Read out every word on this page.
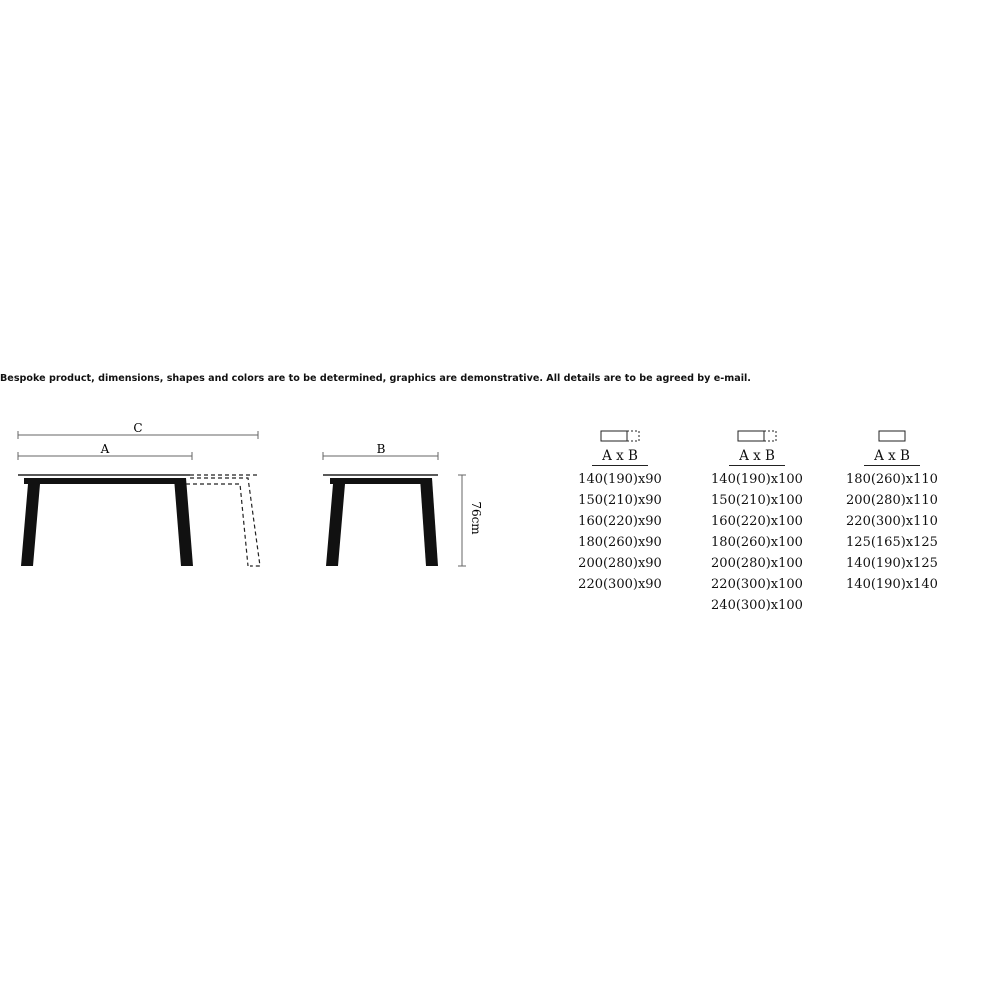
Bespoke product, dimensions, shapes and colors are to be determined, graphics are demonstrative. All details are to be agreed by e-mail.
C
A	B
76cm
A x B
140(190)x90
150(210)x90
160(220)x90
180(260)x90
200(280)x90
220(300)x90
A x B
140(190)x100
150(210)x100
160(220)x100
180(260)x100
200(280)x100
220(300)x100
240(300)x100
A x B
180(260)x110
200(280)x110
220(300)x110
125(165)x125
140(190)x125
140(190)x140
